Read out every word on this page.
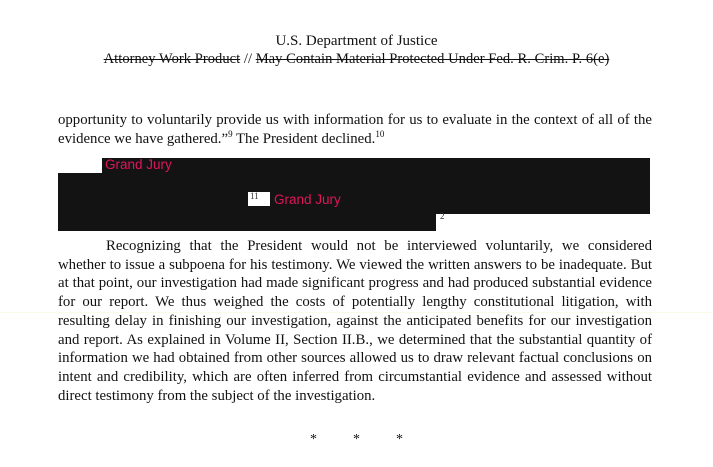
U.S. Department of Justice
Attorney Work Product // May Contain Material Protected Under Fed. R. Crim. P. 6(e)

opportunity to voluntarily provide us with information for us to evaluate in the context of all of the evidence we have gathered.”$^9$ The President declined.$^{10}$

Grand Jury
11 Grand Jury
2

Recognizing that the President would not be interviewed voluntarily, we considered whether to issue a subpoena for his testimony. We viewed the written answers to be inadequate. But at that point, our investigation had made significant progress and had produced substantial evidence for our report. We thus weighed the costs of potentially lengthy constitutional litigation, with resulting delay in finishing our investigation, against the anticipated benefits for our investigation and report. As explained in Volume II, Section II.B., we determined that the substantial quantity of information we had obtained from other sources allowed us to draw relevant factual conclusions on intent and credibility, which are often inferred from circumstantial evidence and assessed without direct testimony from the subject of the investigation.

*	*	*
